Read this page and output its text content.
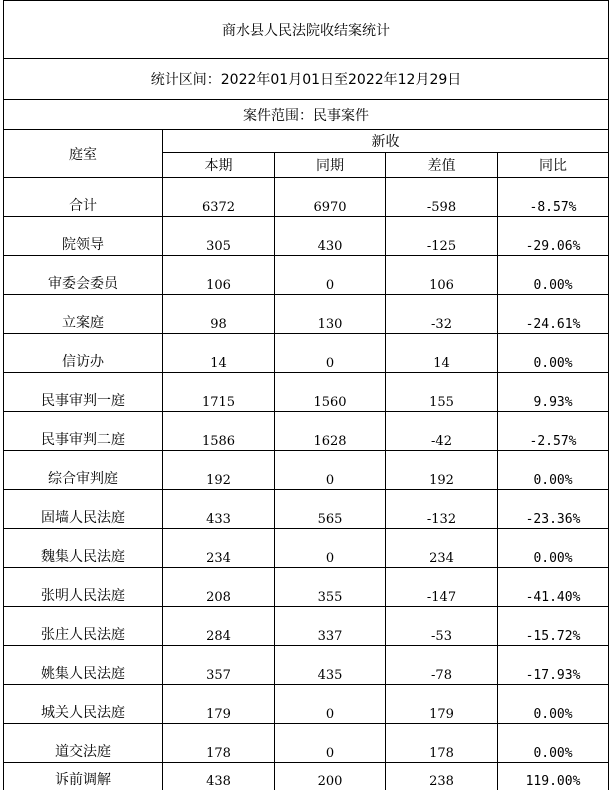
商水县人民法院收结案统计				
统计区间：2022年01月01日至2022年12月29日				
案件范围：民事案件				
庭室	新收			
	本期	同期	差值	同比
合计	6372	6970	-598	-8.57%
院领导	305	430	-125	-29.06%
审委会委员	106	0	106	0.00%
立案庭	98	130	-32	-24.61%
信访办	14	0	14	0.00%
民事审判一庭	1715	1560	155	9.93%
民事审判二庭	1586	1628	-42	-2.57%
综合审判庭	192	0	192	0.00%
固墙人民法庭	433	565	-132	-23.36%
魏集人民法庭	234	0	234	0.00%
张明人民法庭	208	355	-147	-41.40%
张庄人民法庭	284	337	-53	-15.72%
姚集人民法庭	357	435	-78	-17.93%
城关人民法庭	179	0	179	0.00%
道交法庭	178	0	178	0.00%
诉前调解	438	200	238	119.00%
